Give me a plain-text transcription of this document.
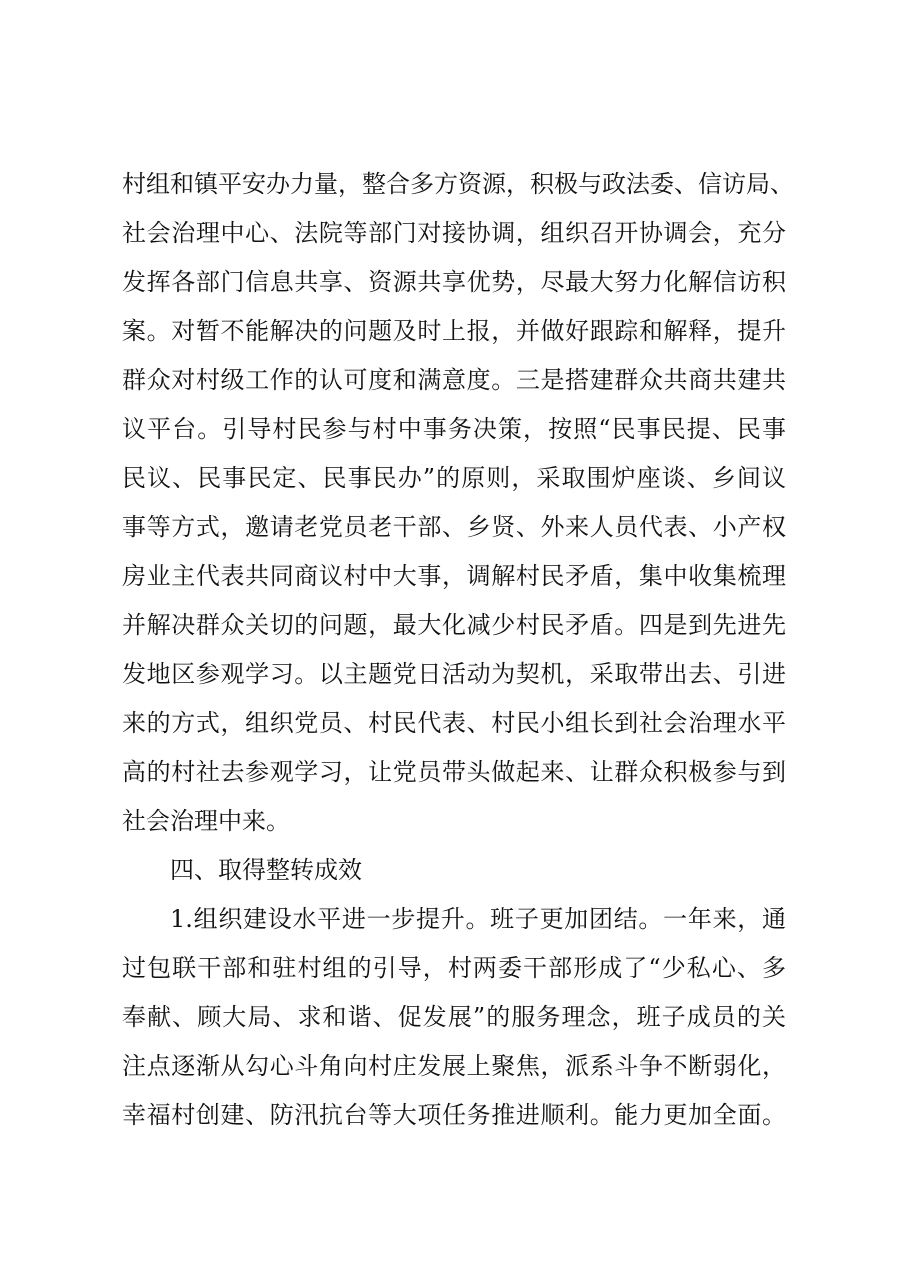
村组和镇平安办力量，整合多方资源，积极与政法委、信访局、
社会治理中心、法院等部门对接协调，组织召开协调会，充分
发挥各部门信息共享、资源共享优势，尽最大努力化解信访积
案。对暂不能解决的问题及时上报，并做好跟踪和解释，提升
群众对村级工作的认可度和满意度。三是搭建群众共商共建共
议平台。引导村民参与村中事务决策，按照“民事民提、民事
民议、民事民定、民事民办”的原则，采取围炉座谈、乡间议
事等方式，邀请老党员老干部、乡贤、外来人员代表、小产权
房业主代表共同商议村中大事，调解村民矛盾，集中收集梳理
并解决群众关切的问题，最大化减少村民矛盾。四是到先进先
发地区参观学习。以主题党日活动为契机，采取带出去、引进
来的方式，组织党员、村民代表、村民小组长到社会治理水平
高的村社去参观学习，让党员带头做起来、让群众积极参与到
社会治理中来。
四、取得整转成效
1.组织建设水平进一步提升。班子更加团结。一年来，通
过包联干部和驻村组的引导，村两委干部形成了“少私心、多
奉献、顾大局、求和谐、促发展”的服务理念，班子成员的关
注点逐渐从勾心斗角向村庄发展上聚焦，派系斗争不断弱化，
幸福村创建、防汛抗台等大项任务推进顺利。能力更加全面。
